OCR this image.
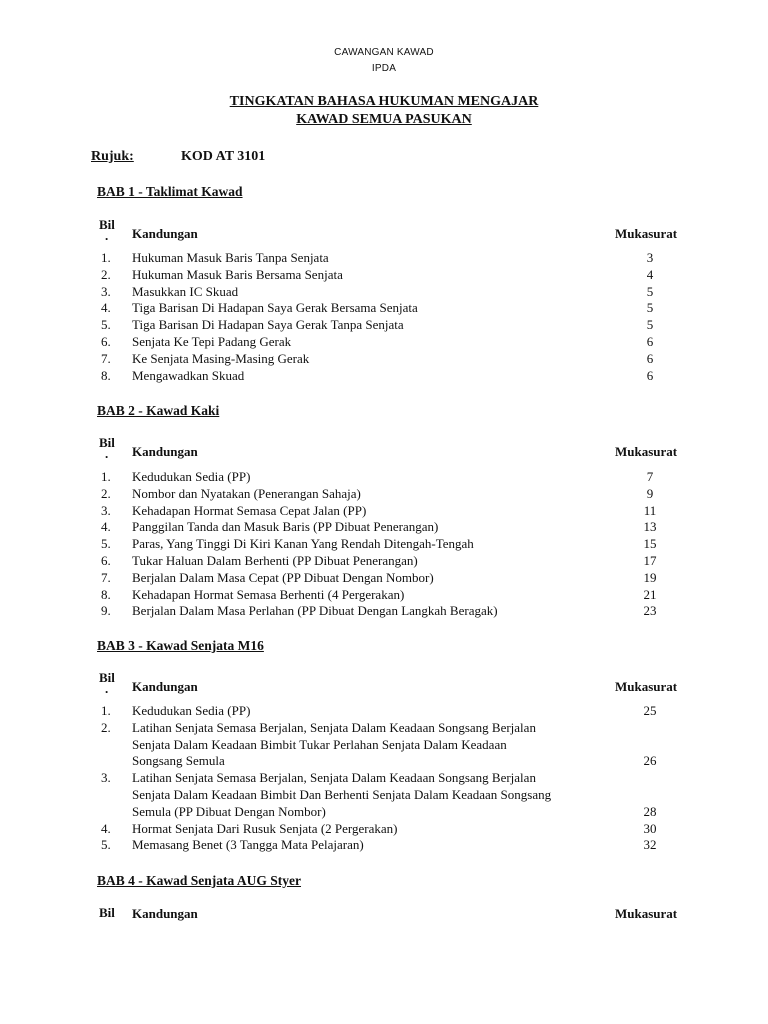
CAWANGAN KAWAD
IPDA
TINGKATAN BAHASA HUKUMAN MENGAJAR
KAWAD SEMUA PASUKAN
Rujuk:	KOD AT 3101
BAB 1 - Taklimat Kawad
Bil
.	Kandungan	Mukasurat
1. Hukuman Masuk Baris Tanpa Senjata	3
2. Hukuman Masuk Baris Bersama Senjata	4
3. Masukkan IC Skuad	5
4. Tiga Barisan Di Hadapan Saya Gerak Bersama Senjata	5
5. Tiga Barisan Di Hadapan Saya Gerak Tanpa Senjata	5
6. Senjata Ke Tepi Padang Gerak	6
7. Ke Senjata Masing-Masing Gerak	6
8. Mengawadkan Skuad	6
BAB 2 - Kawad Kaki
Bil
.	Kandungan	Mukasurat
1. Kedudukan Sedia (PP)	7
2. Nombor dan Nyatakan (Penerangan Sahaja)	9
3. Kehadapan Hormat Semasa Cepat Jalan (PP)	11
4. Panggilan Tanda dan Masuk Baris (PP Dibuat Penerangan)	13
5. Paras, Yang Tinggi Di Kiri Kanan Yang Rendah Ditengah-Tengah	15
6. Tukar Haluan Dalam Berhenti (PP Dibuat Penerangan)	17
7. Berjalan Dalam Masa Cepat (PP Dibuat Dengan Nombor)	19
8. Kehadapan Hormat Semasa Berhenti (4 Pergerakan)	21
9. Berjalan Dalam Masa Perlahan (PP Dibuat Dengan Langkah Beragak)	23
BAB 3 - Kawad Senjata M16
Bil
.	Kandungan	Mukasurat
1. Kedudukan Sedia (PP)	25
2. Latihan Senjata Semasa Berjalan, Senjata Dalam Keadaan Songsang Berjalan
Senjata Dalam Keadaan Bimbit Tukar Perlahan Senjata Dalam Keadaan
Songsang Semula	26
3. Latihan Senjata Semasa Berjalan, Senjata Dalam Keadaan Songsang Berjalan
Senjata Dalam Keadaan Bimbit Dan Berhenti Senjata Dalam Keadaan Songsang
Semula (PP Dibuat Dengan Nombor)	28
4. Hormat Senjata Dari Rusuk Senjata (2 Pergerakan)	30
5. Memasang Benet (3 Tangga Mata Pelajaran)	32
BAB 4 - Kawad Senjata AUG Styer
Bil Kandungan	Mukasurat
